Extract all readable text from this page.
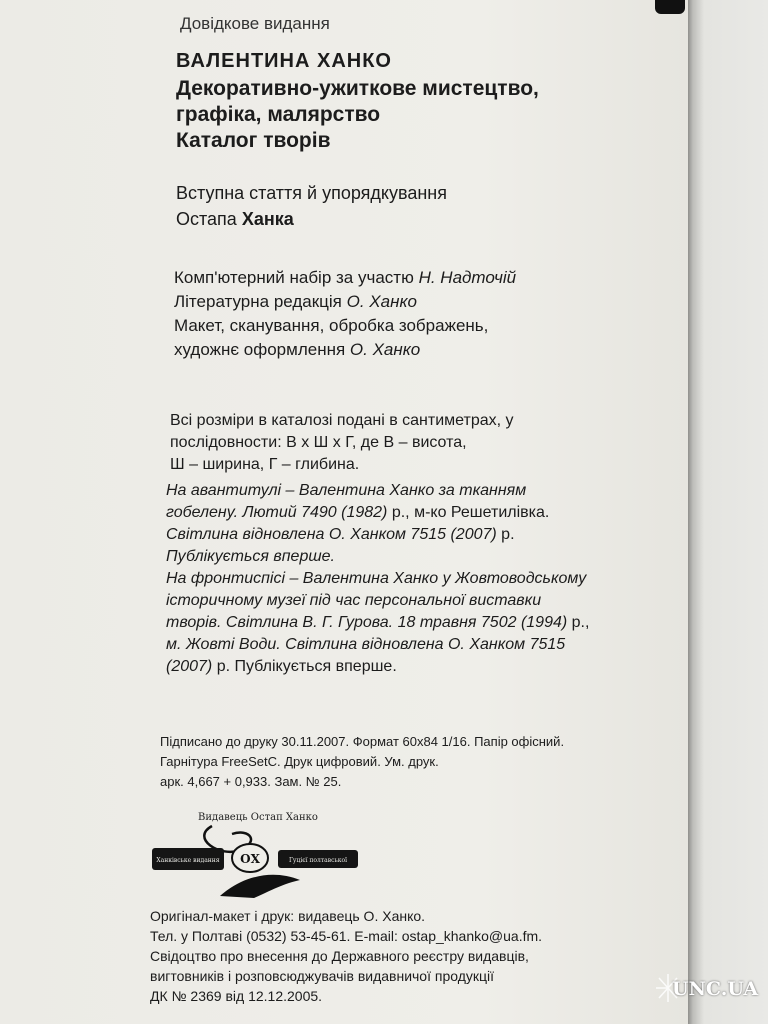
Довідкове видання
ВАЛЕНТИНА ХАНКО
Декоративно-ужиткове мистецтво,
графіка, малярство
Каталог творів
Вступна стаття й упорядкування
Остапа Ханка
Комп'ютерний набір за участю Н. Надточій
Літературна редакція О. Ханко
Макет, сканування, обробка зображень,
художнє оформлення О. Ханко
Всі розміри в каталозі подані в сантиметрах, у
послідовности: В х Ш х Г, де В – висота,
Ш – ширина, Г – глибина.
На авантитулі – Валентина Ханко за тканням
гобелену. Лютий 7490 (1982) р., м-ко Решетилівка.
Світлина відновлена О. Ханком 7515 (2007) р.
Публікується вперше.
На фронтиспісі – Валентина Ханко у Жовтоводському
історичному музеї під час персональної виставки
творів. Світлина В. Г. Гурова. 18 травня 7502 (1994) р.,
м. Жовті Води. Світлина відновлена О. Ханком 7515
(2007) р. Публікується вперше.
Підписано до друку 30.11.2007. Формат 60х84 1/16. Папір офісний.
Гарнітура FreeSetC. Друк цифровий. Ум. друк.
арк. 4,667 + 0,933. Зам. № 25.
Видавець Остап Ханко
Ханківське видання ОХ	Гуцієї полтавської
Оригінал-макет і друк: видавець О. Ханко.
Тел. у Полтаві (0532) 53-45-61. E-mail: ostap_khanko@ua.fm.
Свідоцтво про внесення до Державного реєстру видавців,
вигтовників і розповсюджувачів видавничої продукції
ДК № 2369 від 12.12.2005.	UNC.UA
